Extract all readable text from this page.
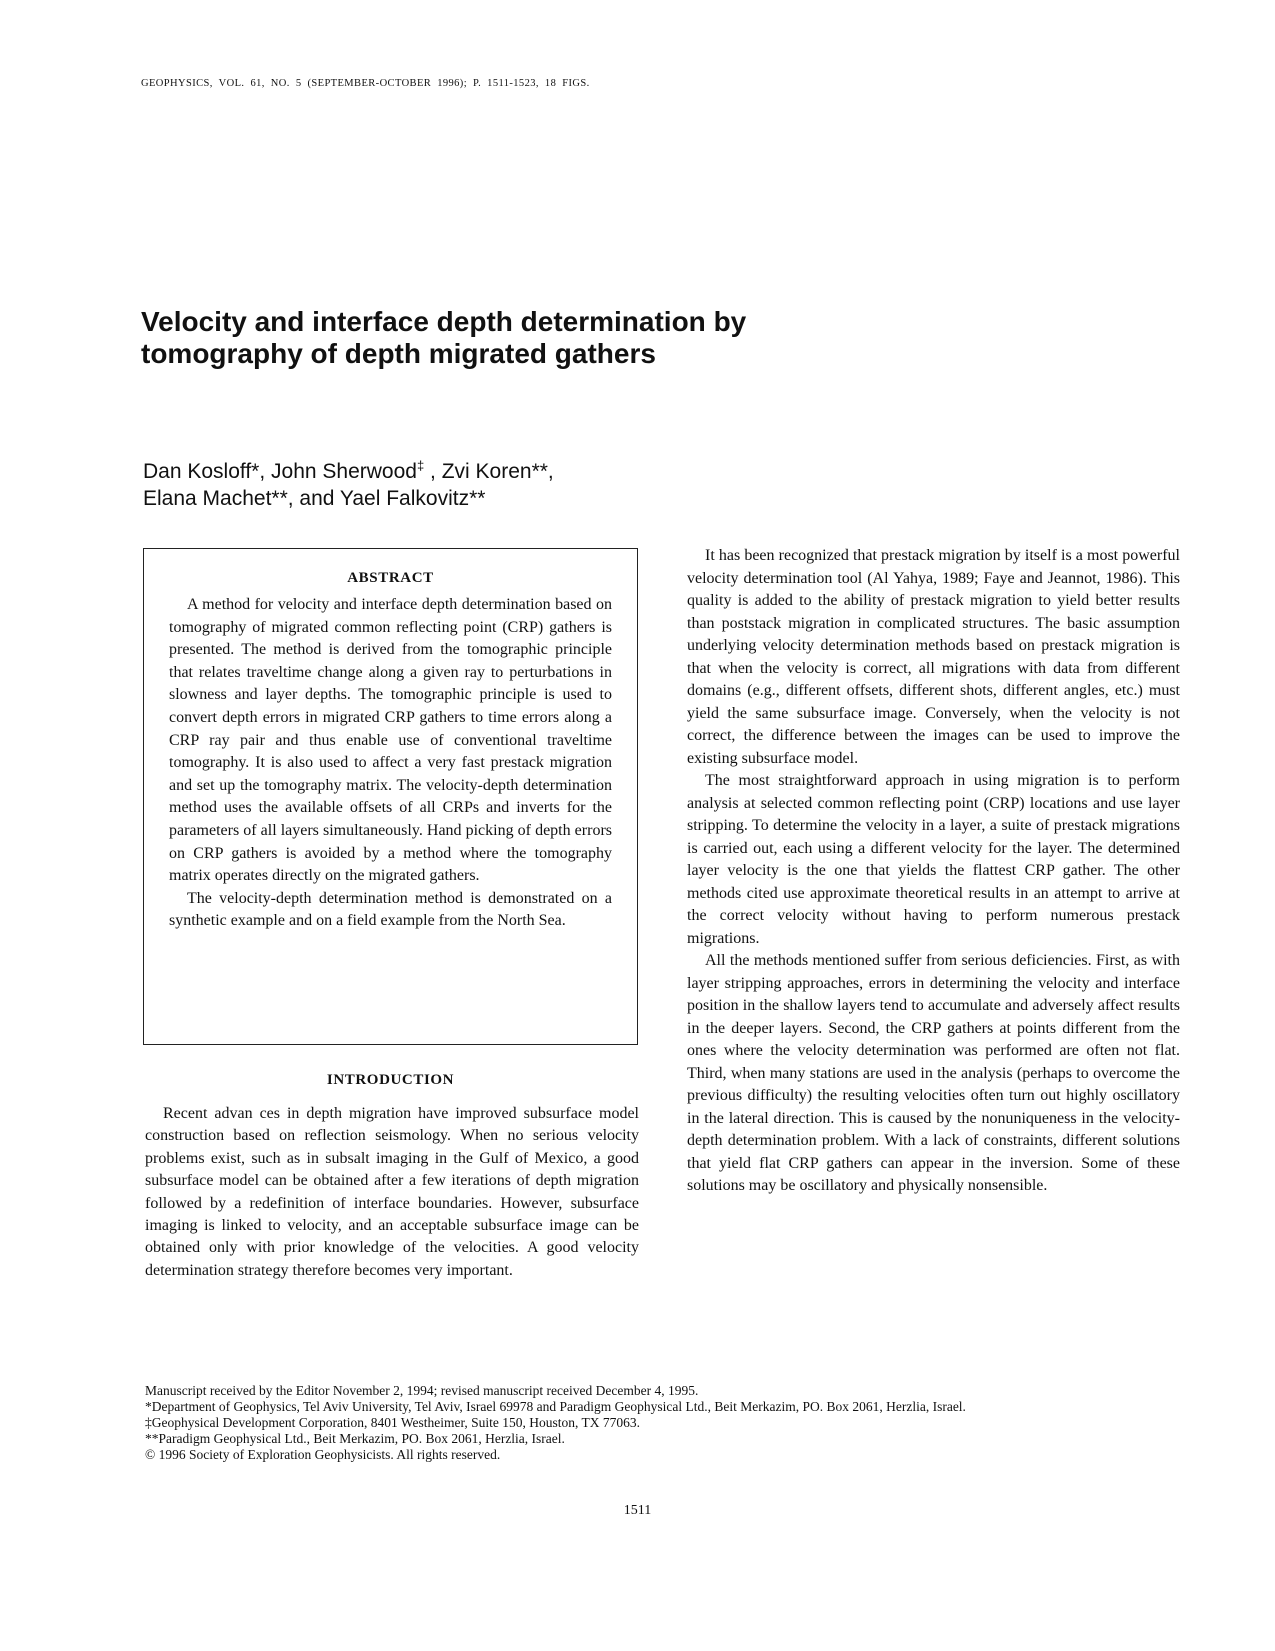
GEOPHYSICS, VOL. 61, NO. 5 (SEPTEMBER-OCTOBER 1996); P. 1511-1523, 18 FIGS.
Velocity and interface depth determination by tomography of depth migrated gathers
Dan Kosloff*, John Sherwood‡ , Zvi Koren**,
Elana Machet**, and Yael Falkovitz**
ABSTRACT

A method for velocity and interface depth determination based on tomography of migrated common reflecting point (CRP) gathers is presented. The method is derived from the tomographic principle that relates traveltime change along a given ray to perturbations in slowness and layer depths. The tomographic principle is used to convert depth errors in migrated CRP gathers to time errors along a CRP ray pair and thus enable use of conventional traveltime tomography. It is also used to affect a very fast prestack migration and set up the tomography matrix. The velocity-depth determination method uses the available offsets of all CRPs and inverts for the parameters of all layers simultaneously. Hand picking of depth errors on CRP gathers is avoided by a method where the tomography matrix operates directly on the migrated gathers.

The velocity-depth determination method is demonstrated on a synthetic example and on a field example from the North Sea.

INTRODUCTION

Recent advan ces in depth migration have improved subsurface model construction based on reflection seismology. When no serious velocity problems exist, such as in subsalt imaging in the Gulf of Mexico, a good subsurface model can be obtained after a few iterations of depth migration followed by a redefinition of interface boundaries. However, subsurface imaging is linked to velocity, and an acceptable subsurface image can be obtained only with prior knowledge of the velocities. A good velocity determination strategy therefore becomes very important.

It has been recognized that prestack migration by itself is a most powerful velocity determination tool (Al Yahya, 1989; Faye and Jeannot, 1986). This quality is added to the ability of prestack migration to yield better results than poststack migration in complicated structures. The basic assumption underlying velocity determination methods based on prestack migration is that when the velocity is correct, all migrations with data from different domains (e.g., different offsets, different shots, different angles, etc.) must yield the same subsurface image. Conversely, when the velocity is not correct, the difference between the images can be used to improve the existing subsurface model.

The most straightforward approach in using migration is to perform analysis at selected common reflecting point (CRP) locations and use layer stripping. To determine the velocity in a layer, a suite of prestack migrations is carried out, each using a different velocity for the layer. The determined layer velocity is the one that yields the flattest CRP gather. The other methods cited use approximate theoretical results in an attempt to arrive at the correct velocity without having to perform numerous prestack migrations.

All the methods mentioned suffer from serious deficiencies. First, as with layer stripping approaches, errors in determining the velocity and interface position in the shallow layers tend to accumulate and adversely affect results in the deeper layers. Second, the CRP gathers at points different from the ones where the velocity determination was performed are often not flat. Third, when many stations are used in the analysis (perhaps to overcome the previous difficulty) the resulting velocities often turn out highly oscillatory in the lateral direction. This is caused by the nonuniqueness in the velocity-depth determination problem. With a lack of constraints, different solutions that yield flat CRP gathers can appear in the inversion. Some of these solutions may be oscillatory and physically nonsensible.

Manuscript received by the Editor November 2, 1994; revised manuscript received December 4, 1995.
*Department of Geophysics, Tel Aviv University, Tel Aviv, Israel 69978 and Paradigm Geophysical Ltd., Beit Merkazim, PO. Box 2061, Herzlia, Israel.
‡Geophysical Development Corporation, 8401 Westheimer, Suite 150, Houston, TX 77063.
**Paradigm Geophysical Ltd., Beit Merkazim, PO. Box 2061, Herzlia, Israel.
© 1996 Society of Exploration Geophysicists. All rights reserved.
1511
